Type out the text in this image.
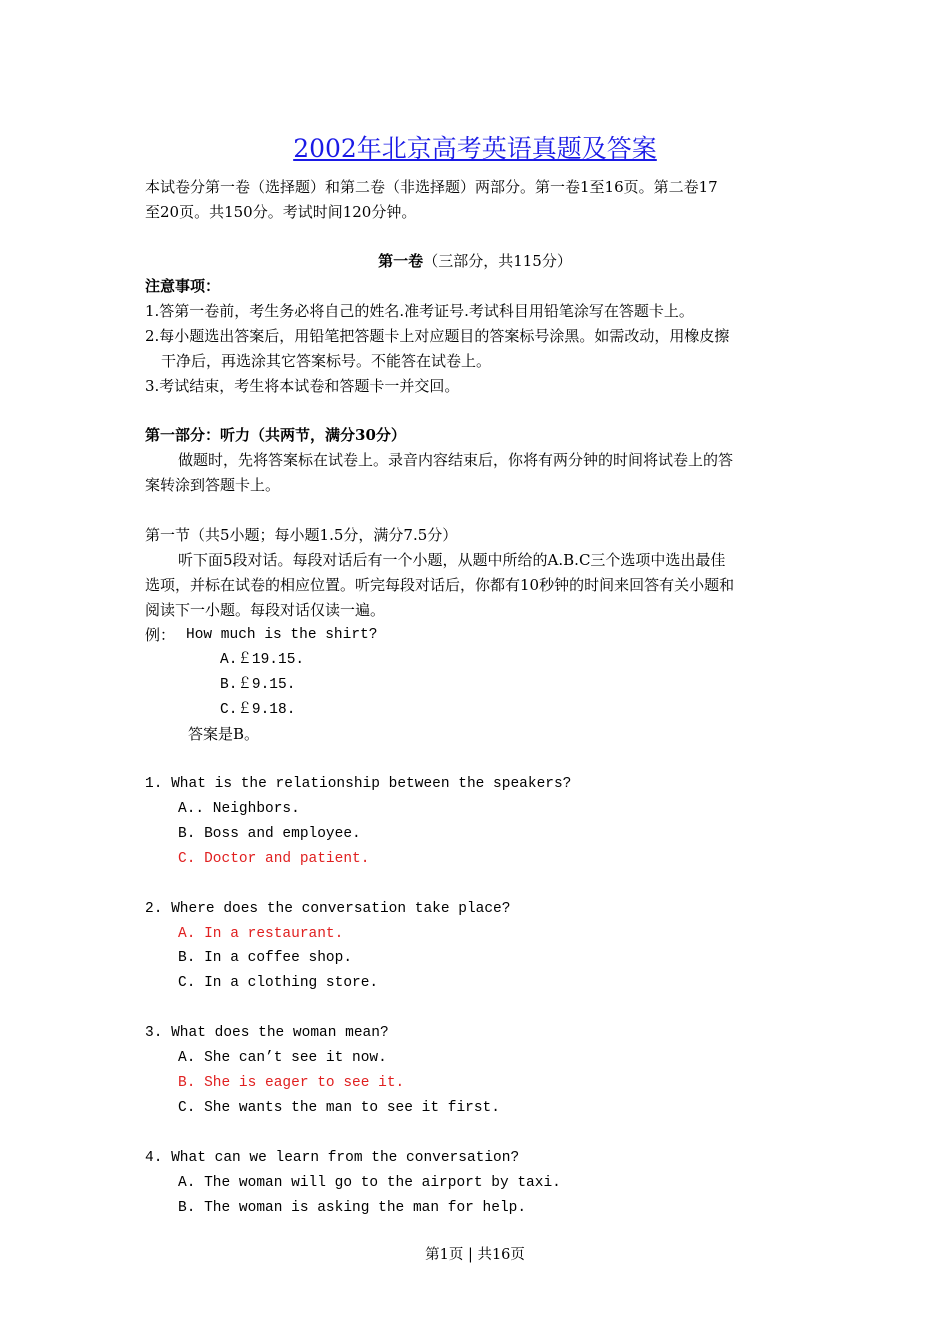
2002年北京高考英语真题及答案
本试卷分第一卷（选择题）和第二卷（非选择题）两部分。第一卷1至16页。第二卷17
至20页。共150分。考试时间120分钟。
第一卷（三部分，共115分）
注意事项：
1.答第一卷前，考生务必将自己的姓名.准考证号.考试科目用铅笔涂写在答题卡上。
2.每小题选出答案后，用铅笔把答题卡上对应题目的答案标号涂黑。如需改动，用橡皮擦
干净后，再选涂其它答案标号。不能答在试卷上。
3.考试结束，考生将本试卷和答题卡一并交回。
第一部分：听力（共两节，满分30分）
做题时，先将答案标在试卷上。录音内容结束后，你将有两分钟的时间将试卷上的答
案转涂到答题卡上。
第一节（共5小题；每小题1.5分，满分7.5分）
听下面5段对话。每段对话后有一个小题，从题中所给的A.B.C三个选项中选出最佳
选项，并标在试卷的相应位置。听完每段对话后，你都有10秒钟的时间来回答有关小题和
阅读下一小题。每段对话仅读一遍。
例： How much is the shirt?
A.￡19.15.
B.￡9.15.
C.￡9.18.
答案是B。
1. What is the relationship between the speakers?
A.. Neighbors.
B. Boss and employee.
C. Doctor and patient.
2. Where does the conversation take place?
A. In a restaurant.
B. In a coffee shop.
C. In a clothing store.
3. What does the woman mean?
A. She can’t see it now.
B. She is eager to see it.
C. She wants the man to see it first.
4. What can we learn from the conversation?
A. The woman will go to the airport by taxi.
B. The woman is asking the man for help.
第1页 | 共16页
